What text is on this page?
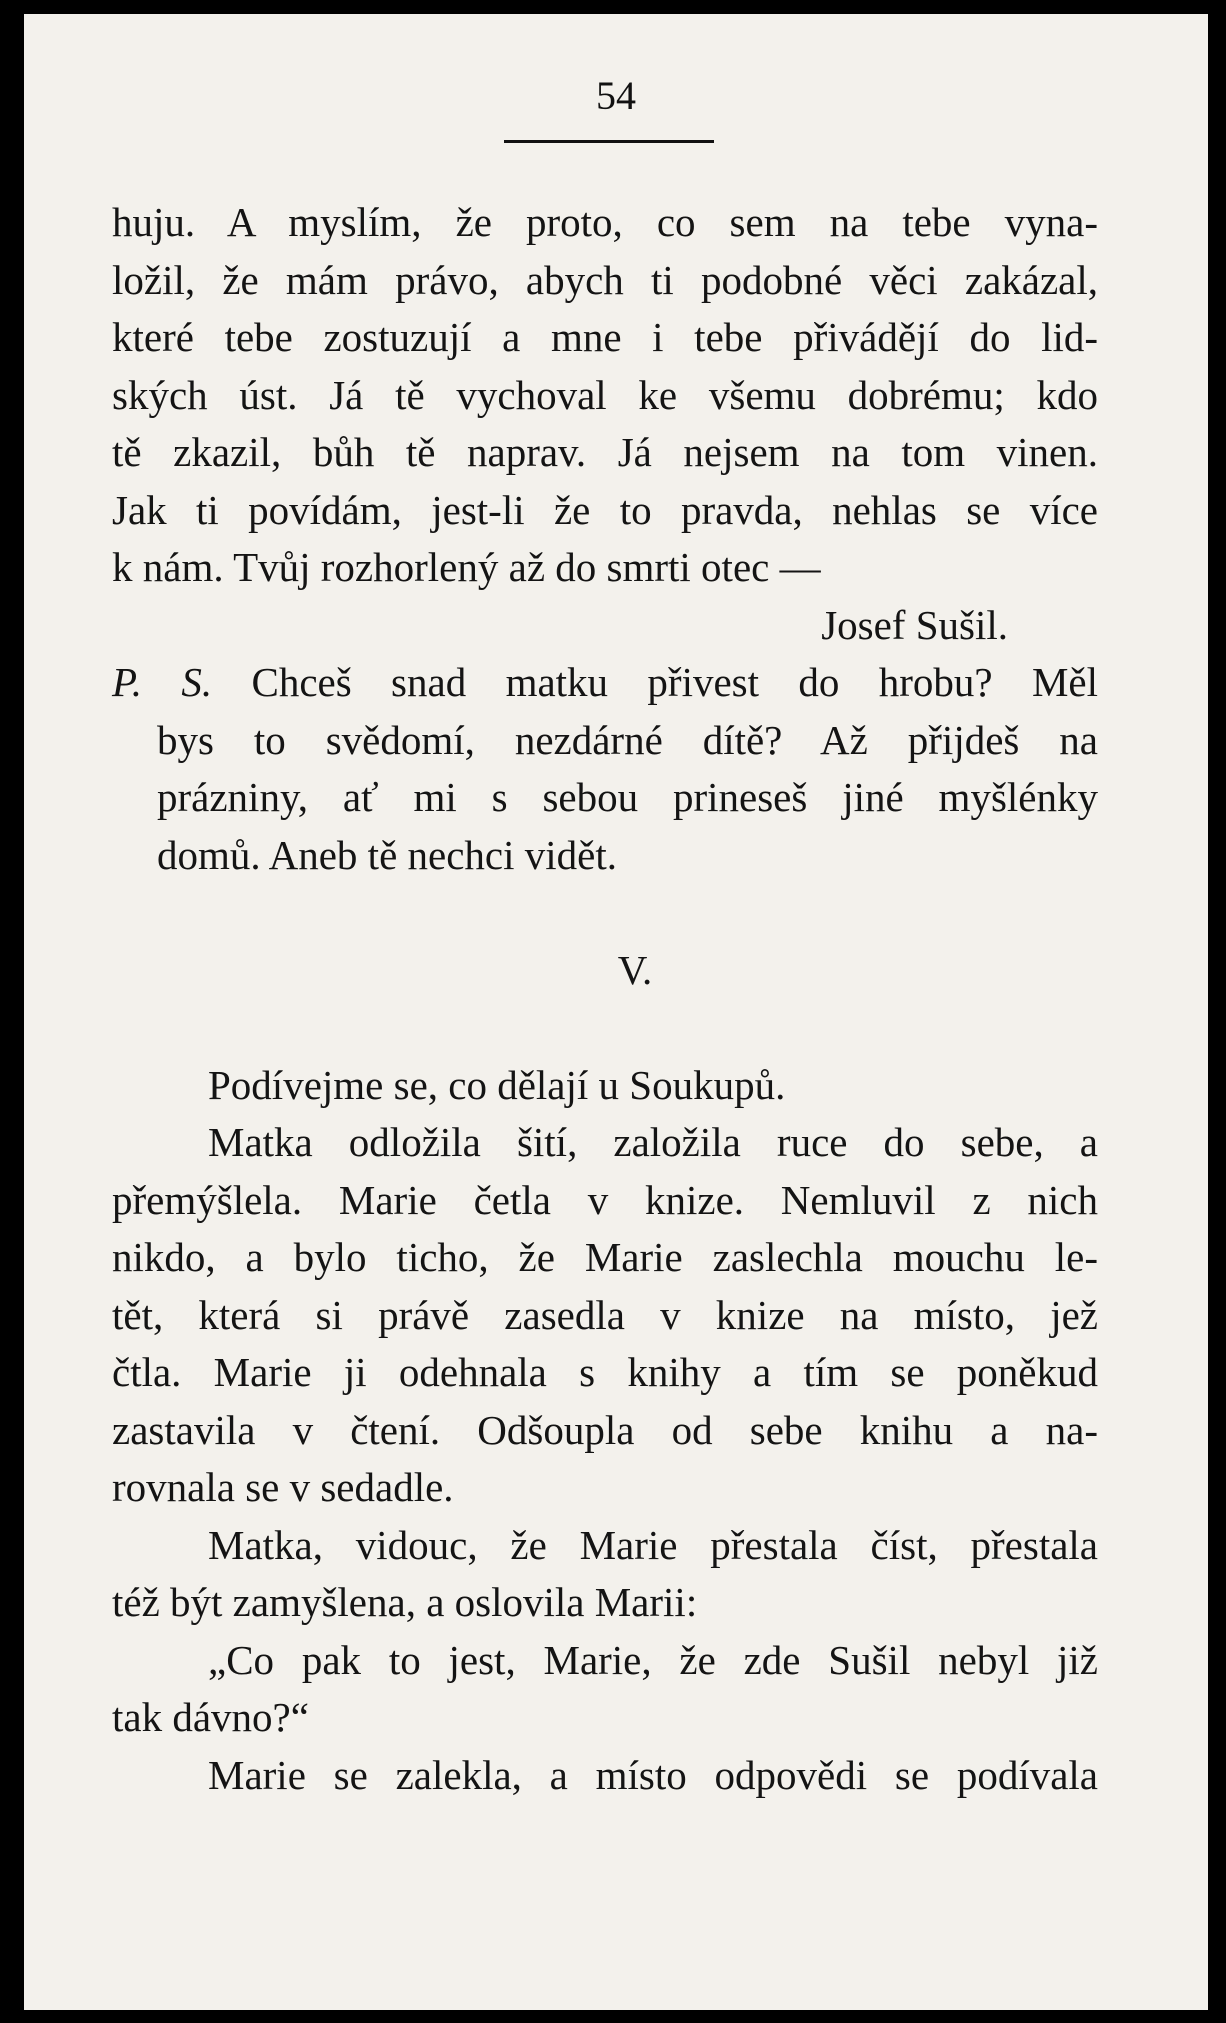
54
huju. A myslím, že proto, co sem na tebe vyna-
ložil, že mám právo, abych ti podobné věci zakázal,
které tebe zostuzují a mne i tebe přivádějí do lid-
ských úst. Já tě vychoval ke všemu dobrému; kdo
tě zkazil, bůh tě naprav. Já nejsem na tom vinen.
Jak ti povídám, jest-li že to pravda, nehlas se více
k nám. Tvůj rozhorlený až do smrti otec —
Josef Sušil.
P. S. Chceš snad matku přivest do hrobu? Měl
bys to svědomí, nezdárné dítě? Až přijdeš na
prázniny, ať mi s sebou prineseš jiné myšlénky
domů. Aneb tě nechci vidět.
V.
Podívejme se, co dělají u Soukupů.
Matka odložila šití, založila ruce do sebe, a
přemýšlela. Marie četla v knize. Nemluvil z nich
nikdo, a bylo ticho, že Marie zaslechla mouchu le-
tět, která si právě zasedla v knize na místo, jež
čtla. Marie ji odehnala s knihy a tím se poněkud
zastavila v čtení. Odšoupla od sebe knihu a na-
rovnala se v sedadle.
Matka, vidouc, že Marie přestala číst, přestala
též být zamyšlena, a oslovila Marii:
„Co pak to jest, Marie, že zde Sušil nebyl již
tak dávno?“
Marie se zalekla, a místo odpovědi se podívala
